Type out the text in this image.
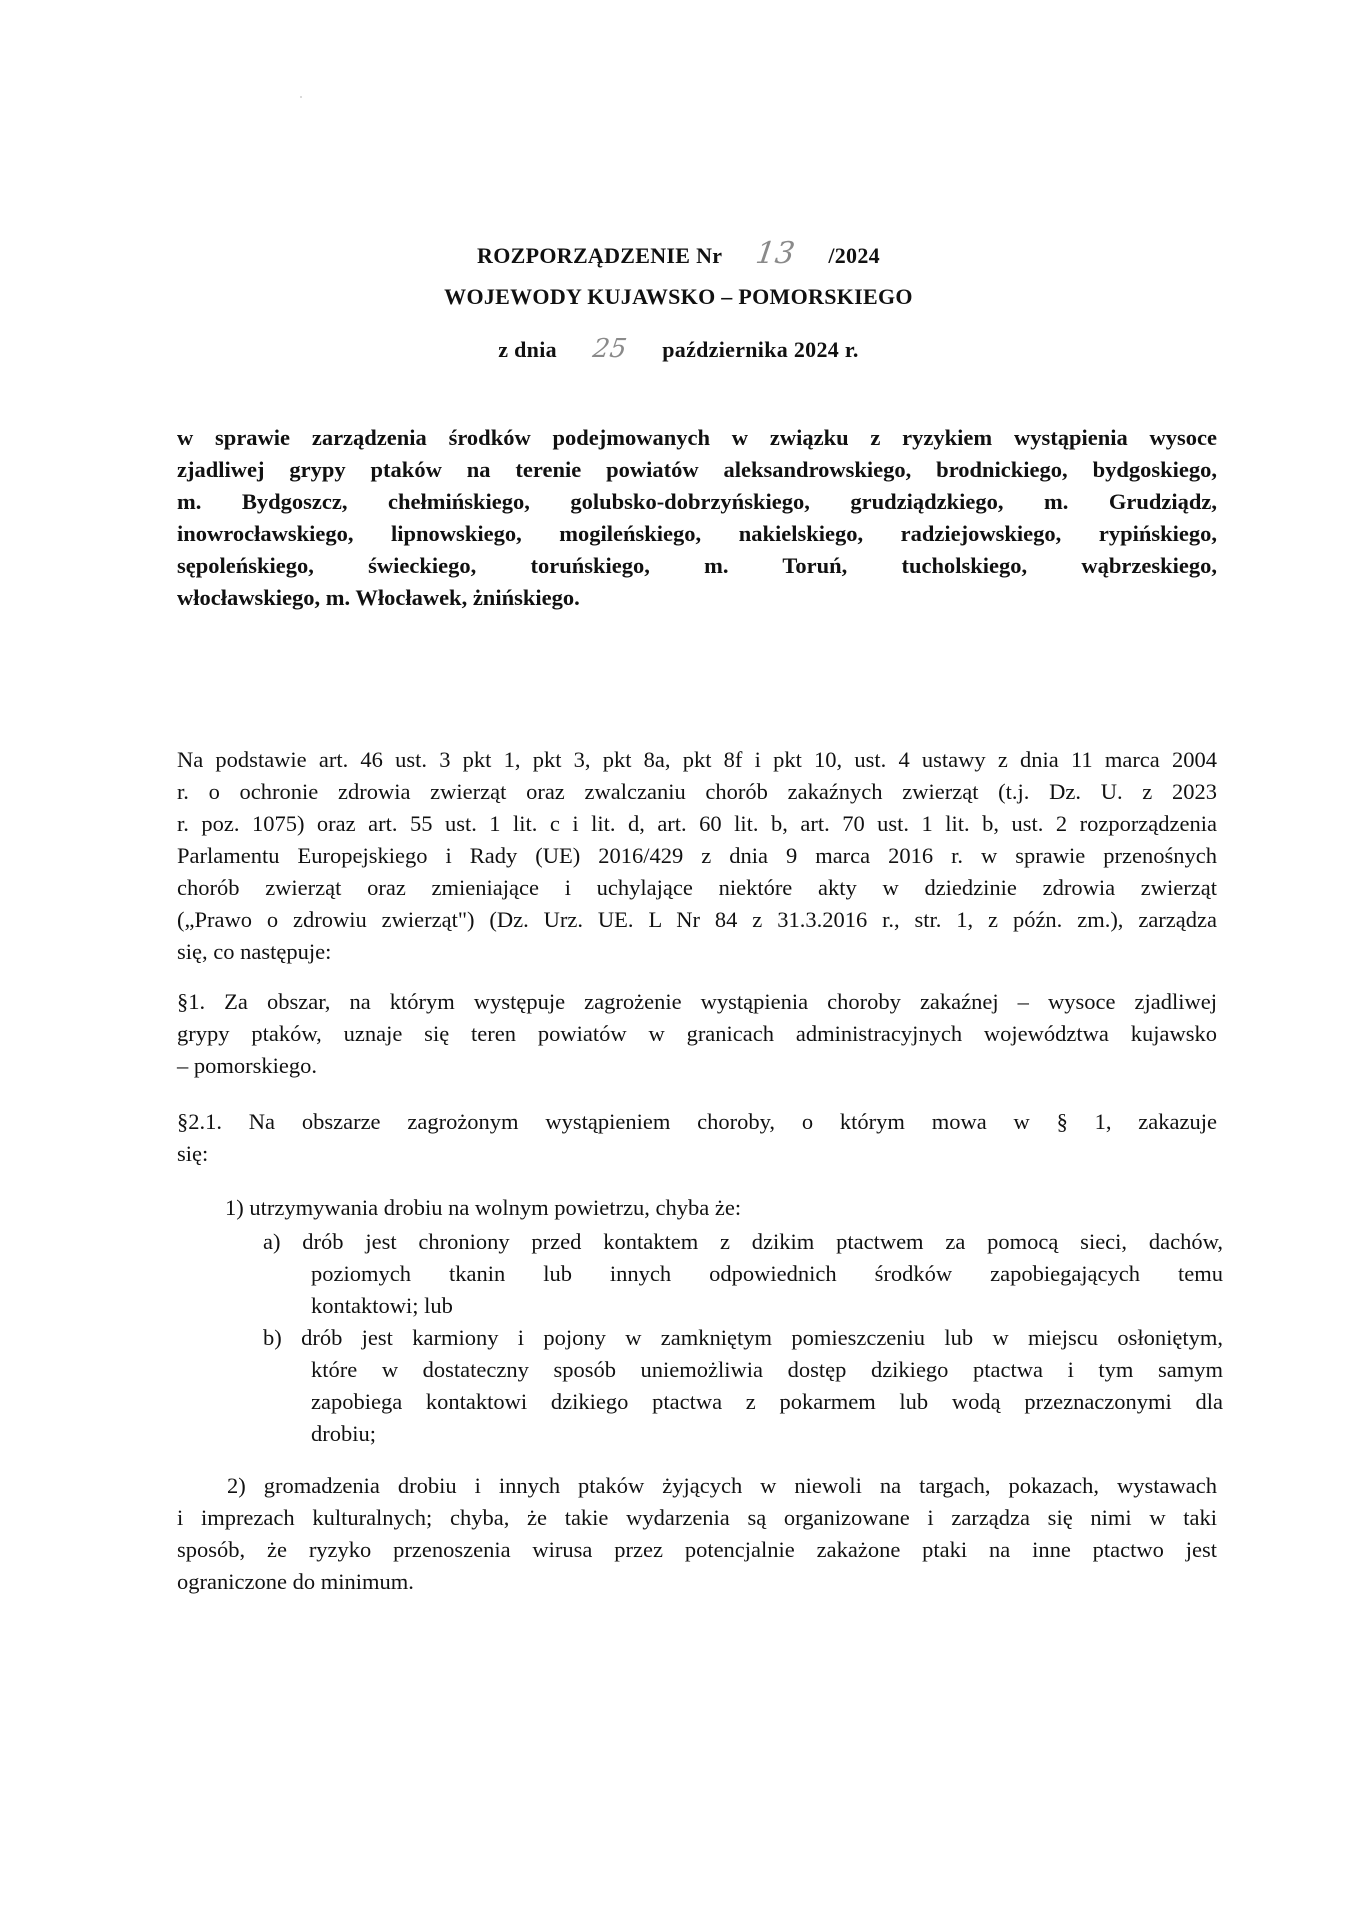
ROZPORZĄDZENIE Nr 13 /2024
WOJEWODY KUJAWSKO – POMORSKIEGO
z dnia 25 października 2024 r.
w sprawie zarządzenia środków podejmowanych w związku z ryzykiem wystąpienia wysoce
zjadliwej grypy ptaków na terenie powiatów aleksandrowskiego, brodnickiego, bydgoskiego,
m. Bydgoszcz, chełmińskiego, golubsko-dobrzyńskiego, grudziądzkiego, m. Grudziądz,
inowrocławskiego, lipnowskiego, mogileńskiego, nakielskiego, radziejowskiego, rypińskiego,
sępoleńskiego, świeckiego, toruńskiego, m. Toruń, tucholskiego, wąbrzeskiego,
włocławskiego, m. Włocławek, żnińskiego.
Na podstawie art. 46 ust. 3 pkt 1, pkt 3, pkt 8a, pkt 8f i pkt 10, ust. 4 ustawy z dnia 11 marca 2004
r. o ochronie zdrowia zwierząt oraz zwalczaniu chorób zakaźnych zwierząt (t.j. Dz. U. z 2023
r. poz. 1075) oraz art. 55 ust. 1 lit. c i lit. d, art. 60 lit. b, art. 70 ust. 1 lit. b, ust. 2 rozporządzenia
Parlamentu Europejskiego i Rady (UE) 2016/429 z dnia 9 marca 2016 r. w sprawie przenośnych
chorób zwierząt oraz zmieniające i uchylające niektóre akty w dziedzinie zdrowia zwierząt
(„Prawo o zdrowiu zwierząt") (Dz. Urz. UE. L Nr 84 z 31.3.2016 r., str. 1, z późn. zm.), zarządza
się, co następuje:
§1. Za obszar, na którym występuje zagrożenie wystąpienia choroby zakaźnej – wysoce zjadliwej
grypy ptaków, uznaje się teren powiatów w granicach administracyjnych województwa kujawsko
– pomorskiego.
§2.1. Na obszarze zagrożonym wystąpieniem choroby, o którym mowa w § 1, zakazuje
się:
1) utrzymywania drobiu na wolnym powietrzu, chyba że:
a) drób jest chroniony przed kontaktem z dzikim ptactwem za pomocą sieci, dachów,
poziomych tkanin lub innych odpowiednich środków zapobiegających temu
kontaktowi; lub
b) drób jest karmiony i pojony w zamkniętym pomieszczeniu lub w miejscu osłoniętym,
które w dostateczny sposób uniemożliwia dostęp dzikiego ptactwa i tym samym
zapobiega kontaktowi dzikiego ptactwa z pokarmem lub wodą przeznaczonymi dla
drobiu;
2) gromadzenia drobiu i innych ptaków żyjących w niewoli na targach, pokazach, wystawach
i imprezach kulturalnych; chyba, że takie wydarzenia są organizowane i zarządza się nimi w taki
sposób, że ryzyko przenoszenia wirusa przez potencjalnie zakażone ptaki na inne ptactwo jest
ograniczone do minimum.
